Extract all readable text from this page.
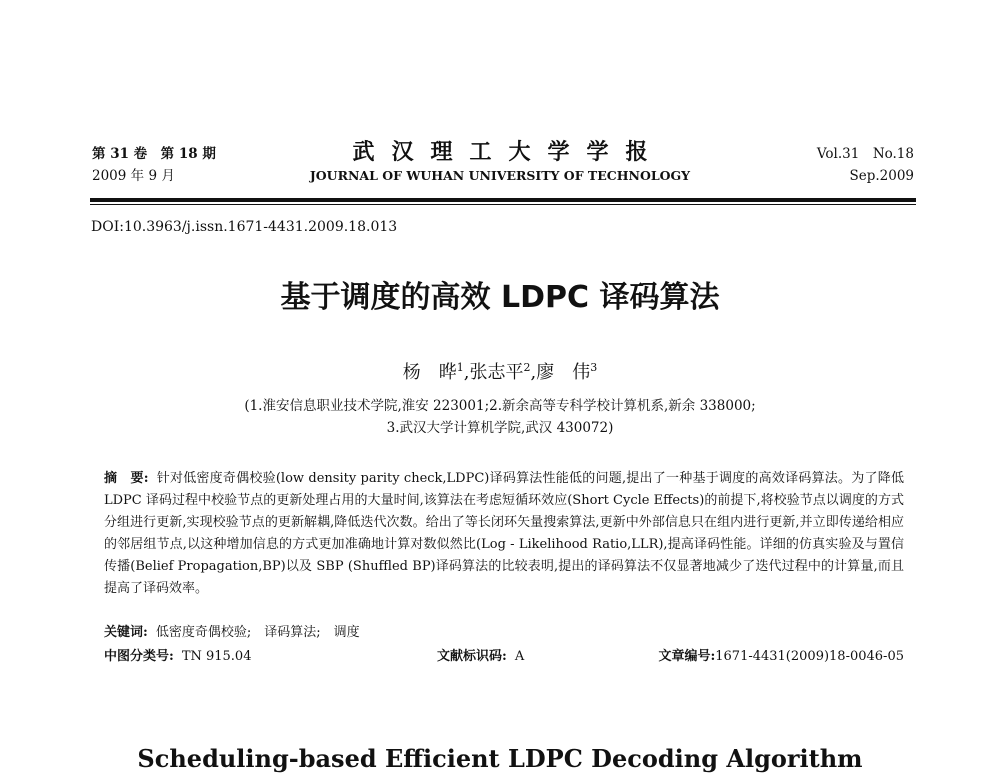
第 31 卷　第 18 期
2009 年 9 月
武汉理工大学学报
JOURNAL OF WUHAN UNIVERSITY OF TECHNOLOGY
Vol.31　No.18
Sep.2009
DOI:10.3963/j.issn.1671-4431.2009.18.013
基于调度的高效 LDPC 译码算法
杨　晔$^1$,张志平$^2$,廖　伟$^3$
(1.淮安信息职业技术学院,淮安 223001;2.新余高等专科学校计算机系,新余 338000;
3.武汉大学计算机学院,武汉 430072)
摘　要: 针对低密度奇偶校验(low density parity check,LDPC)译码算法性能低的问题,提出了一种基于调度的高效译码算法。为了降低 LDPC 译码过程中校验节点的更新处理占用的大量时间,该算法在考虑短循环效应(Short Cycle Effects)的前提下,将校验节点以调度的方式分组进行更新,实现校验节点的更新解耦,降低迭代次数。给出了等长闭环矢量搜索算法,更新中外部信息只在组内进行更新,并立即传递给相应的邻居组节点,以这种增加信息的方式更加准确地计算对数似然比(Log - Likelihood Ratio,LLR),提高译码性能。详细的仿真实验及与置信传播(Belief Propagation,BP)以及 SBP (Shuffled BP)译码算法的比较表明,提出的译码算法不仅显著地减少了迭代过程中的计算量,而且提高了译码效率。
关键词: 低密度奇偶校验;　译码算法;　调度
中图分类号: TN 915.04	文献标识码: A	文章编号:1671-4431(2009)18-0046-05
Scheduling-based Efficient LDPC Decoding Algorithm
